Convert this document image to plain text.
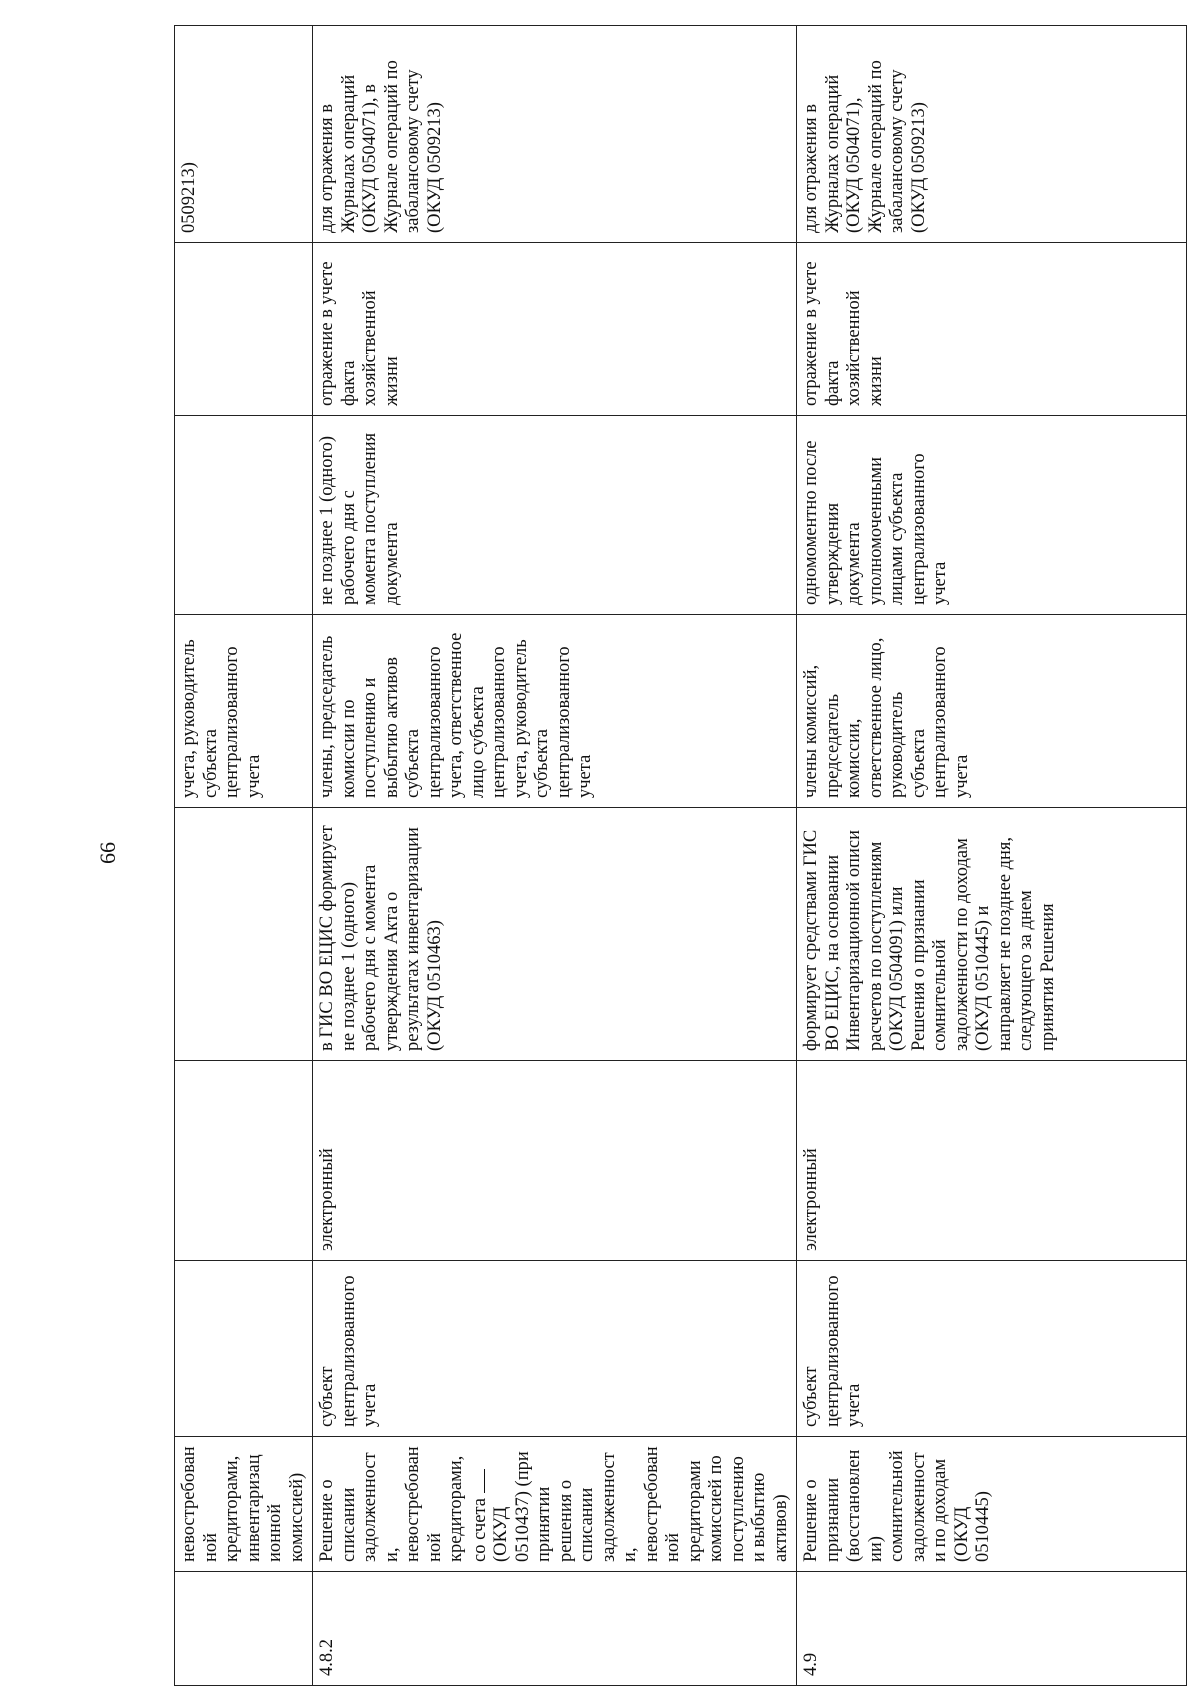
66
	невостребованной кредиторами, инвентаризационной комиссией)				учета, руководитель субъекта централизованного учета			0509213)
4.8.2	Решение о списании задолженности, невостребованной кредиторами, со счета (ОКУД 0510437) (при принятии решения о списании задолженности, невостребованной кредиторами комиссией по поступлению и выбытию активов)	субъект централизованного учета	электронный	в ГИС ВО ЕЦИС формирует не позднее 1 (одного) рабочего дня с момента утверждения Акта о результатах инвентаризации (ОКУД 0510463)	члены, председатель комиссии по поступлению и выбытию активов субъекта централизованного учета, ответственное лицо субъекта централизованного учета, руководитель субъекта централизованного учета	не позднее 1 (одного) рабочего дня с момента поступления документа	отражение в учете факта хозяйственной жизни	для отражения в Журналах операций (ОКУД 0504071), в Журнале операций по забалансовому счету (ОКУД 0509213)
4.9	Решение о признании (восстановлении) сомнительной задолженности по доходам (ОКУД 0510445)	субъект централизованного учета	электронный	формирует средствами ГИС ВО ЕЦИС, на основании Инвентаризационной описи расчетов по поступлениям (ОКУД 0504091) или Решения о признании сомнительной задолженности по доходам (ОКУД 0510445) и направляет не позднее дня, следующего за днем принятия Решения	члены комиссий, председатель комиссии, ответственное лицо, руководитель субъекта централизованного учета	одномоментно после утверждения документа уполномоченными лицами субъекта централизованного учета	отражение в учете факта хозяйственной жизни	для отражения в Журналах операций (ОКУД 0504071), Журнале операций по забалансовому счету (ОКУД 0509213)
